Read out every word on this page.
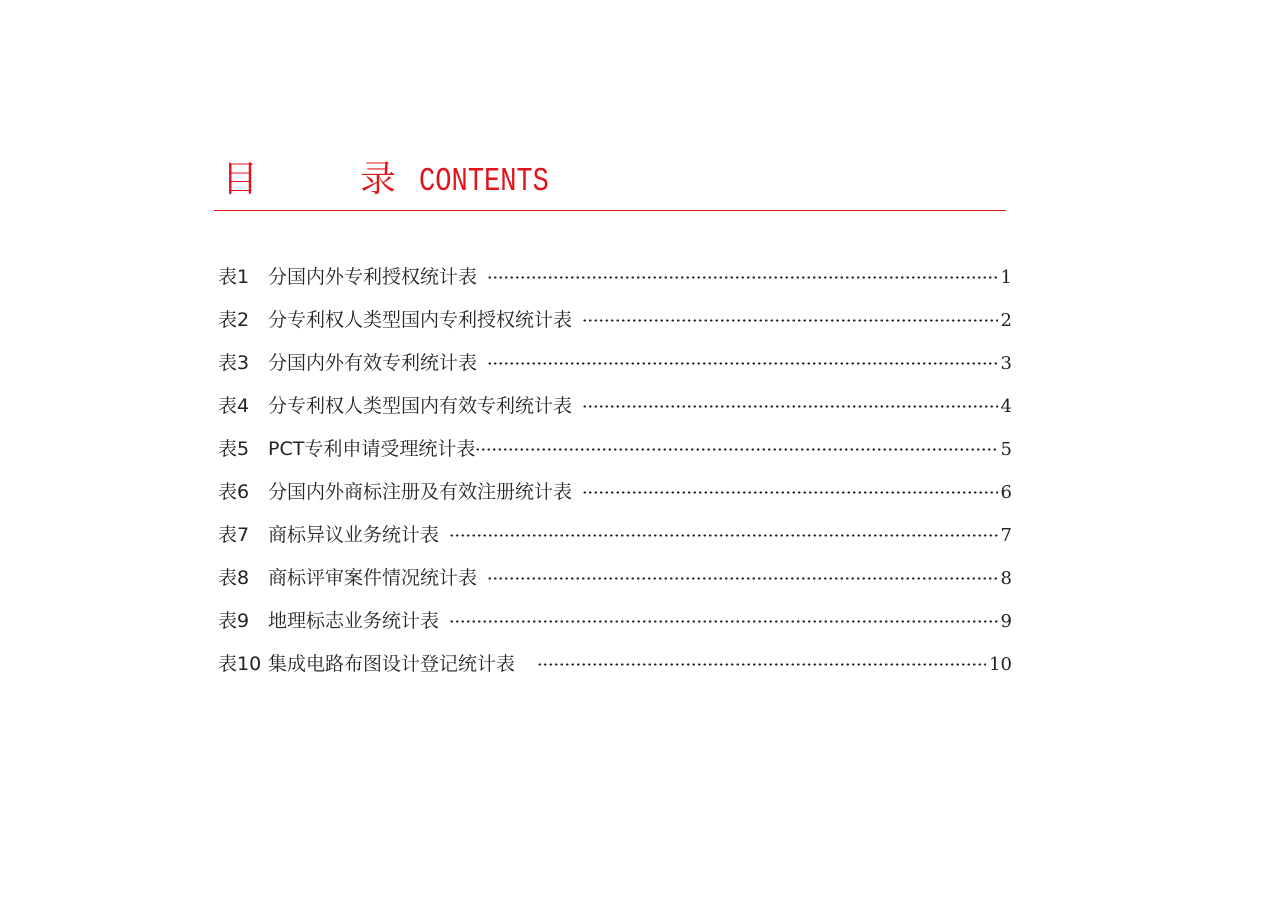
目	录 CONTENTS
表1 分国内外专利授权统计表	1
表2 分专利权人类型国内专利授权统计表	2
表3 分国内外有效专利统计表	3
表4 分专利权人类型国内有效专利统计表	4
表5 PCT专利申请受理统计表	5
表6 分国内外商标注册及有效注册统计表	6
表7 商标异议业务统计表	7
表8 商标评审案件情况统计表	8
表9 地理标志业务统计表	9
表10 集成电路布图设计登记统计表	10
